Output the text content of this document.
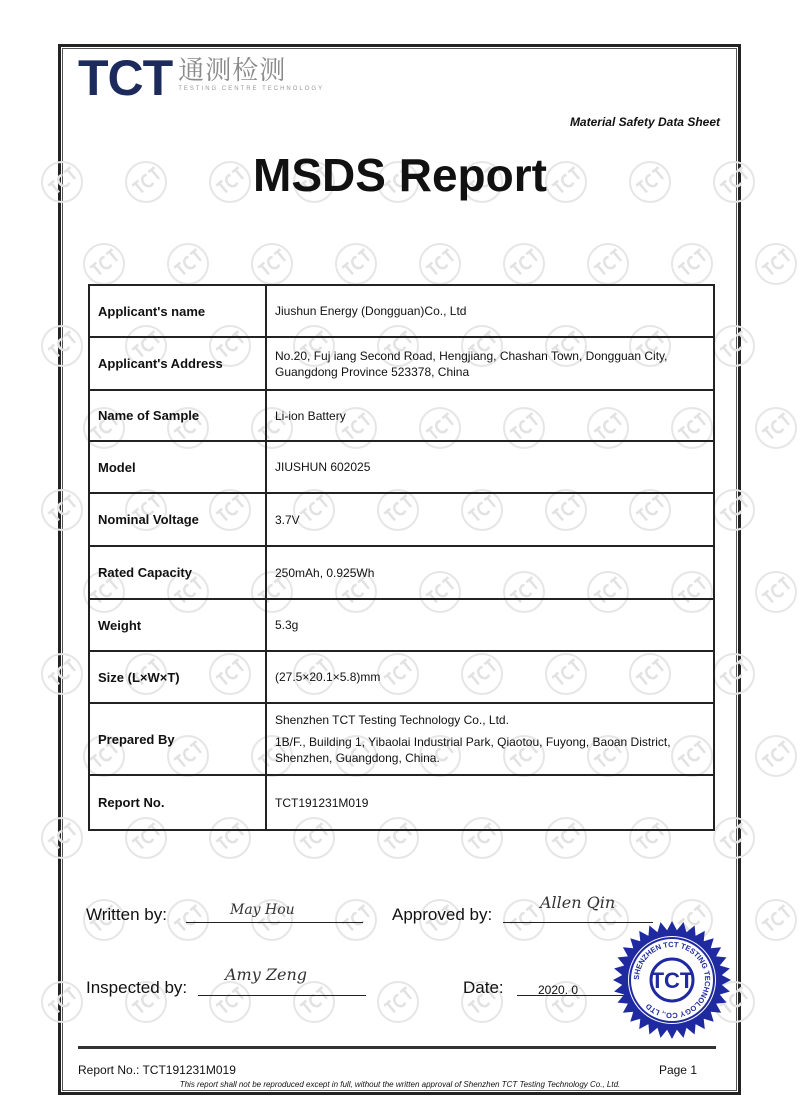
TCT 通测检测
TESTING CENTRE TECHNOLOGY
Material Safety Data Sheet
MSDS Report
Applicant's name	Jiushun Energy (Dongguan)Co., Ltd

Applicant's Address	No.20, Fuj iang Second Road, Hengjiang, Chashan Town, Dongguan City, Guangdong Province 523378, China

Name of Sample	Li-ion Battery

Model	JIUSHUN 602025

Nominal Voltage	3.7V

Rated Capacity	250mAh, 0.925Wh

Weight	5.3g

Size (L×W×T)	(27.5×20.1×5.8)mm

Prepared By	Shenzhen TCT Testing Technology Co., Ltd.
1B/F., Building 1, Yibaolai Industrial Park, Qiaotou, Fuyong, Baoan District, Shenzhen, Guangdong, China.

Report No.	TCT191231M019
Written by:	May Hou	Approved by:
Allen Qin
Inspected by:
Amy Zeng
Date:	2020. 0
SHENZHEN TCT TESTING TECHNOLOGY CO., LTD
TCT
Report No.: TCT191231M019	Page 1
This report shall not be reproduced except in full, without the written approval of Shenzhen TCT Testing Technology Co., Ltd.
